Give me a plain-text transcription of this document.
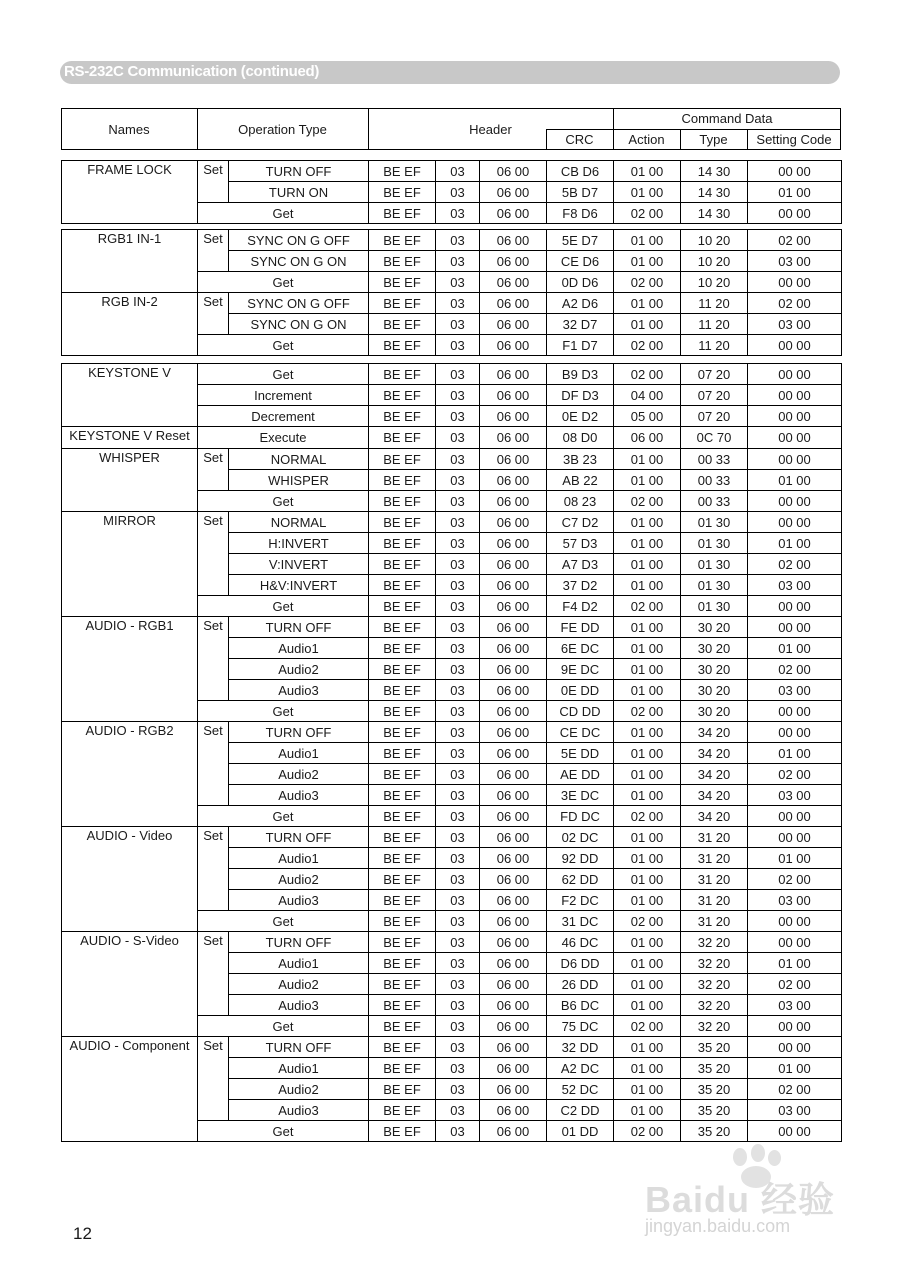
RS-232C Communication (continued)
Names	Operation Type	Header
Command Data
CRC	Action	Type	Setting Code
FRAME LOCK	Set	TURN OFF	BE EF	03	06 00	CB D6	01 00	14 30	00 00
		TURN ON	BE EF	03	06 00	5B D7	01 00	14 30	01 00
	Get		BE EF	03	06 00	F8 D6	02 00	14 30	00 00
RGB1 IN-1	Set	SYNC ON G OFF	BE EF	03	06 00	5E D7	01 00	10 20	02 00
		SYNC ON G ON	BE EF	03	06 00	CE D6	01 00	10 20	03 00
	Get		BE EF	03	06 00	0D D6	02 00	10 20	00 00
RGB IN-2	Set	SYNC ON G OFF	BE EF	03	06 00	A2 D6	01 00	11 20	02 00
		SYNC ON G ON	BE EF	03	06 00	32 D7	01 00	11 20	03 00
	Get		BE EF	03	06 00	F1 D7	02 00	11 20	00 00
KEYSTONE V	Get		BE EF	03	06 00	B9 D3	02 00	07 20	00 00
	Increment		BE EF	03	06 00	DF D3	04 00	07 20	00 00
	Decrement		BE EF	03	06 00	0E D2	05 00	07 20	00 00
KEYSTONE V Reset	Execute		BE EF	03	06 00	08 D0	06 00	0C 70	00 00
WHISPER	Set	NORMAL	BE EF	03	06 00	3B 23	01 00	00 33	00 00
		WHISPER	BE EF	03	06 00	AB 22	01 00	00 33	01 00
	Get		BE EF	03	06 00	08 23	02 00	00 33	00 00
MIRROR	Set	NORMAL	BE EF	03	06 00	C7 D2	01 00	01 30	00 00
		H:INVERT	BE EF	03	06 00	57 D3	01 00	01 30	01 00
		V:INVERT	BE EF	03	06 00	A7 D3	01 00	01 30	02 00
		H&V:INVERT	BE EF	03	06 00	37 D2	01 00	01 30	03 00
	Get		BE EF	03	06 00	F4 D2	02 00	01 30	00 00
AUDIO - RGB1	Set	TURN OFF	BE EF	03	06 00	FE DD	01 00	30 20	00 00
		Audio1	BE EF	03	06 00	6E DC	01 00	30 20	01 00
		Audio2	BE EF	03	06 00	9E DC	01 00	30 20	02 00
		Audio3	BE EF	03	06 00	0E DD	01 00	30 20	03 00
	Get		BE EF	03	06 00	CD DD	02 00	30 20	00 00
AUDIO - RGB2	Set	TURN OFF	BE EF	03	06 00	CE DC	01 00	34 20	00 00
		Audio1	BE EF	03	06 00	5E DD	01 00	34 20	01 00
		Audio2	BE EF	03	06 00	AE DD	01 00	34 20	02 00
		Audio3	BE EF	03	06 00	3E DC	01 00	34 20	03 00
	Get		BE EF	03	06 00	FD DC	02 00	34 20	00 00
AUDIO - Video	Set	TURN OFF	BE EF	03	06 00	02 DC	01 00	31 20	00 00
		Audio1	BE EF	03	06 00	92 DD	01 00	31 20	01 00
		Audio2	BE EF	03	06 00	62 DD	01 00	31 20	02 00
		Audio3	BE EF	03	06 00	F2 DC	01 00	31 20	03 00
	Get		BE EF	03	06 00	31 DC	02 00	31 20	00 00
AUDIO - S-Video	Set	TURN OFF	BE EF	03	06 00	46 DC	01 00	32 20	00 00
		Audio1	BE EF	03	06 00	D6 DD	01 00	32 20	01 00
		Audio2	BE EF	03	06 00	26 DD	01 00	32 20	02 00
		Audio3	BE EF	03	06 00	B6 DC	01 00	32 20	03 00
	Get		BE EF	03	06 00	75 DC	02 00	32 20	00 00
AUDIO - Component	Set	TURN OFF	BE EF	03	06 00	32 DD	01 00	35 20	00 00
		Audio1	BE EF	03	06 00	A2 DC	01 00	35 20	01 00
		Audio2	BE EF	03	06 00	52 DC	01 00	35 20	02 00
		Audio3	BE EF	03	06 00	C2 DD	01 00	35 20	03 00
	Get		BE EF	03	06 00	01 DD	02 00	35 20	00 00
12
Baidu 经验
jingyan.baidu.com
